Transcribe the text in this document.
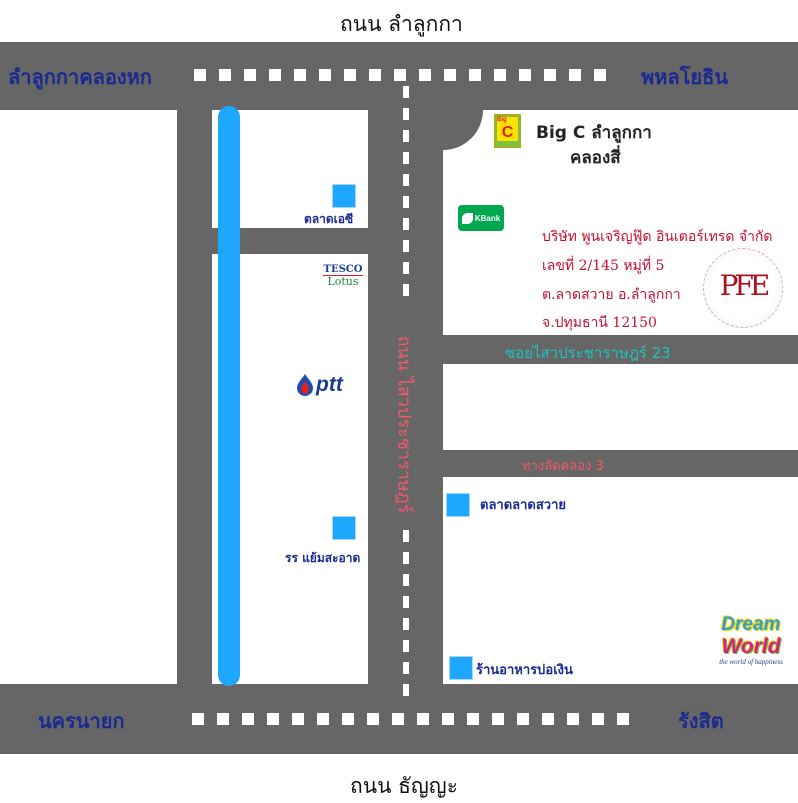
ถนน ลำลูกกา
ถนน ธัญญะ
ลำลูกกาคลองหก	พหลโยธิน
นครนายก	รังสิต
ถนน ไสวประชาราษฎร์	ซอยไสวประชาราษฎร์ 23
ทางลัดคลอง 3
ตลาดเอซี
TESCO
Lotus
ptt
รร แย้มสะอาด
Big
C Big C ลำลูกกา
คลองสี่
KBank
บริษัท พูนเจริญฟู๊ด อินเตอร์เทรด จำกัด
เลขที่ 2/145 หมู่ที่ 5
ต.ลาดสวาย อ.ลำลูกกา
จ.ปทุมธานี 12150
PFE
ตลาดลาดสวาย
ร้านอาหารบ่อเงิน
Dream
World
the world of happiness
